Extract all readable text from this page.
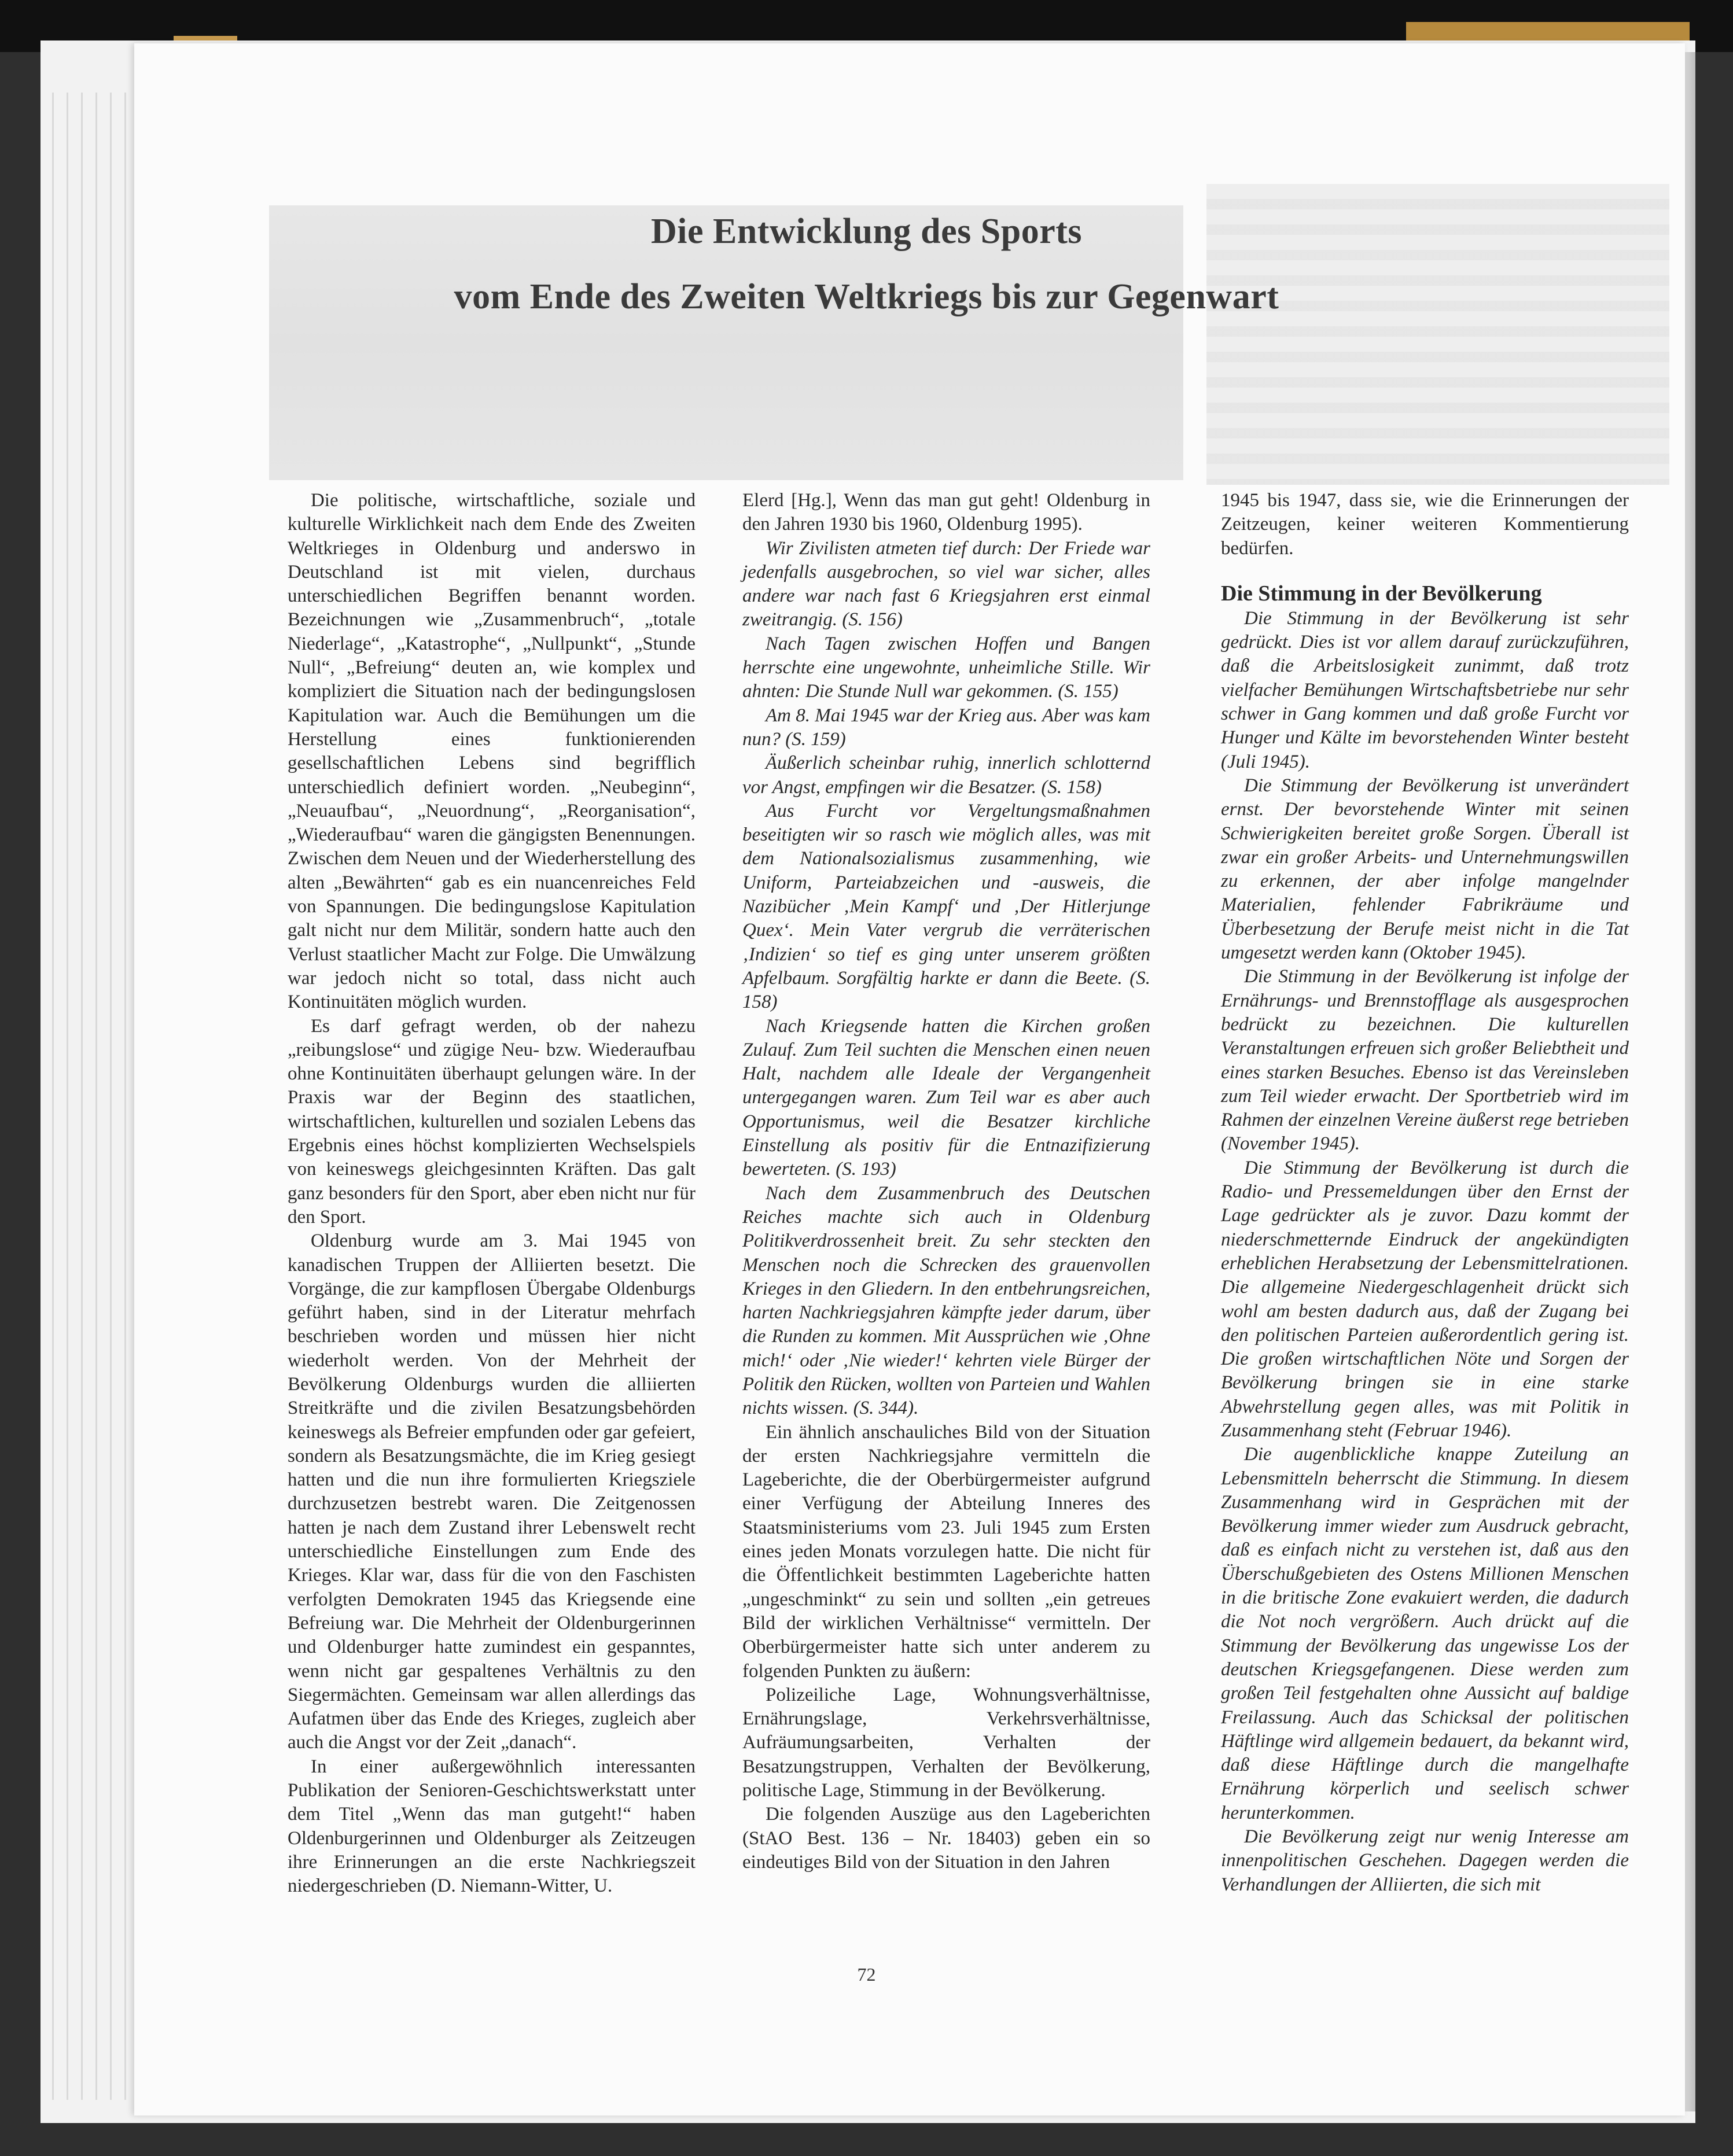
Die Entwicklung des Sports
vom Ende des Zweiten Weltkriegs bis zur Gegenwart

Die politische, wirtschaftliche, soziale und kulturelle Wirklichkeit nach dem Ende des Zweiten Weltkrieges in Oldenburg und anderswo in Deutschland ist mit vielen, durchaus unterschiedlichen Begriffen benannt worden. Bezeichnungen wie „Zusammenbruch“, „totale Niederlage“, „Katastrophe“, „Nullpunkt“, „Stunde Null“, „Befreiung“ deuten an, wie komplex und kompliziert die Situation nach der bedingungslosen Kapitulation war. Auch die Bemühungen um die Herstellung eines funktionierenden gesellschaftlichen Lebens sind begrifflich unterschiedlich definiert worden. „Neubeginn“, „Neuaufbau“, „Neuordnung“, „Reorganisation“, „Wiederaufbau“ waren die gängigsten Benennungen. Zwischen dem Neuen und der Wiederherstellung des alten „Bewährten“ gab es ein nuancenreiches Feld von Spannungen. Die bedingungslose Kapitulation galt nicht nur dem Militär, sondern hatte auch den Verlust staatlicher Macht zur Folge. Die Umwälzung war jedoch nicht so total, dass nicht auch Kontinuitäten möglich wurden.

Es darf gefragt werden, ob der nahezu „reibungslose“ und zügige Neu- bzw. Wiederaufbau ohne Kontinuitäten überhaupt gelungen wäre. In der Praxis war der Beginn des staatlichen, wirtschaftlichen, kulturellen und sozialen Lebens das Ergebnis eines höchst komplizierten Wechselspiels von keineswegs gleichgesinnten Kräften. Das galt ganz besonders für den Sport, aber eben nicht nur für den Sport.

Oldenburg wurde am 3. Mai 1945 von kanadischen Truppen der Alliierten besetzt. Die Vorgänge, die zur kampflosen Übergabe Oldenburgs geführt haben, sind in der Literatur mehrfach beschrieben worden und müssen hier nicht wiederholt werden. Von der Mehrheit der Bevölkerung Oldenburgs wurden die alliierten Streitkräfte und die zivilen Besatzungsbehörden keineswegs als Befreier empfunden oder gar gefeiert, sondern als Besatzungsmächte, die im Krieg gesiegt hatten und die nun ihre formulierten Kriegsziele durchzusetzen bestrebt waren. Die Zeitgenossen hatten je nach dem Zustand ihrer Lebenswelt recht unterschiedliche Einstellungen zum Ende des Krieges. Klar war, dass für die von den Faschisten verfolgten Demokraten 1945 das Kriegsende eine Befreiung war. Die Mehrheit der Oldenburgerinnen und Oldenburger hatte zumindest ein gespanntes, wenn nicht gar gespaltenes Verhältnis zu den Siegermächten. Gemeinsam war allen allerdings das Aufatmen über das Ende des Krieges, zugleich aber auch die Angst vor der Zeit „danach“.

In einer außergewöhnlich interessanten Publikation der Senioren-Geschichtswerkstatt unter dem Titel „Wenn das man gutgeht!“ haben Oldenburgerinnen und Oldenburger als Zeitzeugen ihre Erinnerungen an die erste Nachkriegszeit niedergeschrieben (D. Niemann-Witter, U.

Elerd [Hg.], Wenn das man gut geht! Oldenburg in den Jahren 1930 bis 1960, Oldenburg 1995).

Wir Zivilisten atmeten tief durch: Der Friede war jedenfalls ausgebrochen, so viel war sicher, alles andere war nach fast 6 Kriegsjahren erst einmal zweitrangig. (S. 156)

Nach Tagen zwischen Hoffen und Bangen herrschte eine ungewohnte, unheimliche Stille. Wir ahnten: Die Stunde Null war gekommen. (S. 155)

Am 8. Mai 1945 war der Krieg aus. Aber was kam nun? (S. 159)

Äußerlich scheinbar ruhig, innerlich schlotternd vor Angst, empfingen wir die Besatzer. (S. 158)

Aus Furcht vor Vergeltungsmaßnahmen beseitigten wir so rasch wie möglich alles, was mit dem Nationalsozialismus zusammenhing, wie Uniform, Parteiabzeichen und -ausweis, die Nazibücher ‚Mein Kampf‘ und ‚Der Hitlerjunge Quex‘. Mein Vater vergrub die verräterischen ‚Indizien‘ so tief es ging unter unserem größten Apfelbaum. Sorgfältig harkte er dann die Beete. (S. 158)

Nach Kriegsende hatten die Kirchen großen Zulauf. Zum Teil suchten die Menschen einen neuen Halt, nachdem alle Ideale der Vergangenheit untergegangen waren. Zum Teil war es aber auch Opportunismus, weil die Besatzer kirchliche Einstellung als positiv für die Entnazifizierung bewerteten. (S. 193)

Nach dem Zusammenbruch des Deutschen Reiches machte sich auch in Oldenburg Politikverdrossenheit breit. Zu sehr steckten den Menschen noch die Schrecken des grauenvollen Krieges in den Gliedern. In den entbehrungsreichen, harten Nachkriegsjahren kämpfte jeder darum, über die Runden zu kommen. Mit Aussprüchen wie ‚Ohne mich!‘ oder ‚Nie wieder!‘ kehrten viele Bürger der Politik den Rücken, wollten von Parteien und Wahlen nichts wissen. (S. 344).

Ein ähnlich anschauliches Bild von der Situation der ersten Nachkriegsjahre vermitteln die Lageberichte, die der Oberbürgermeister aufgrund einer Verfügung der Abteilung Inneres des Staatsministeriums vom 23. Juli 1945 zum Ersten eines jeden Monats vorzulegen hatte. Die nicht für die Öffentlichkeit bestimmten Lageberichte hatten „ungeschminkt“ zu sein und sollten „ein getreues Bild der wirklichen Verhältnisse“ vermitteln. Der Oberbürgermeister hatte sich unter anderem zu folgenden Punkten zu äußern:

Polizeiliche Lage, Wohnungsverhältnisse, Ernährungslage, Verkehrsverhältnisse, Aufräumungsarbeiten, Verhalten der Besatzungstruppen, Verhalten der Bevölkerung, politische Lage, Stimmung in der Bevölkerung.

Die folgenden Auszüge aus den Lageberichten (StAO Best. 136 – Nr. 18403) geben ein so eindeutiges Bild von der Situation in den Jahren

1945 bis 1947, dass sie, wie die Erinnerungen der Zeitzeugen, keiner weiteren Kommentierung bedürfen.

Die Stimmung in der Bevölkerung

Die Stimmung in der Bevölkerung ist sehr gedrückt. Dies ist vor allem darauf zurückzuführen, daß die Arbeitslosigkeit zunimmt, daß trotz vielfacher Bemühungen Wirtschaftsbetriebe nur sehr schwer in Gang kommen und daß große Furcht vor Hunger und Kälte im bevorstehenden Winter besteht (Juli 1945).

Die Stimmung der Bevölkerung ist unverändert ernst. Der bevorstehende Winter mit seinen Schwierigkeiten bereitet große Sorgen. Überall ist zwar ein großer Arbeits- und Unternehmungswillen zu erkennen, der aber infolge mangelnder Materialien, fehlender Fabrikräume und Überbesetzung der Berufe meist nicht in die Tat umgesetzt werden kann (Oktober 1945).

Die Stimmung in der Bevölkerung ist infolge der Ernährungs- und Brennstofflage als ausgesprochen bedrückt zu bezeichnen. Die kulturellen Veranstaltungen erfreuen sich großer Beliebtheit und eines starken Besuches. Ebenso ist das Vereinsleben zum Teil wieder erwacht. Der Sportbetrieb wird im Rahmen der einzelnen Vereine äußerst rege betrieben (November 1945).

Die Stimmung der Bevölkerung ist durch die Radio- und Pressemeldungen über den Ernst der Lage gedrückter als je zuvor. Dazu kommt der niederschmetternde Eindruck der angekündigten erheblichen Herabsetzung der Lebensmittelrationen. Die allgemeine Niedergeschlagenheit drückt sich wohl am besten dadurch aus, daß der Zugang bei den politischen Parteien außerordentlich gering ist. Die großen wirtschaftlichen Nöte und Sorgen der Bevölkerung bringen sie in eine starke Abwehrstellung gegen alles, was mit Politik in Zusammenhang steht (Februar 1946).

Die augenblickliche knappe Zuteilung an Lebensmitteln beherrscht die Stimmung. In diesem Zusammenhang wird in Gesprächen mit der Bevölkerung immer wieder zum Ausdruck gebracht, daß es einfach nicht zu verstehen ist, daß aus den Überschußgebieten des Ostens Millionen Menschen in die britische Zone evakuiert werden, die dadurch die Not noch vergrößern. Auch drückt auf die Stimmung der Bevölkerung das ungewisse Los der deutschen Kriegsgefangenen. Diese werden zum großen Teil festgehalten ohne Aussicht auf baldige Freilassung. Auch das Schicksal der politischen Häftlinge wird allgemein bedauert, da bekannt wird, daß diese Häftlinge durch die mangelhafte Ernährung körperlich und seelisch schwer herunterkommen.

Die Bevölkerung zeigt nur wenig Interesse am innenpolitischen Geschehen. Dagegen werden die Verhandlungen der Alliierten, die sich mit

72
